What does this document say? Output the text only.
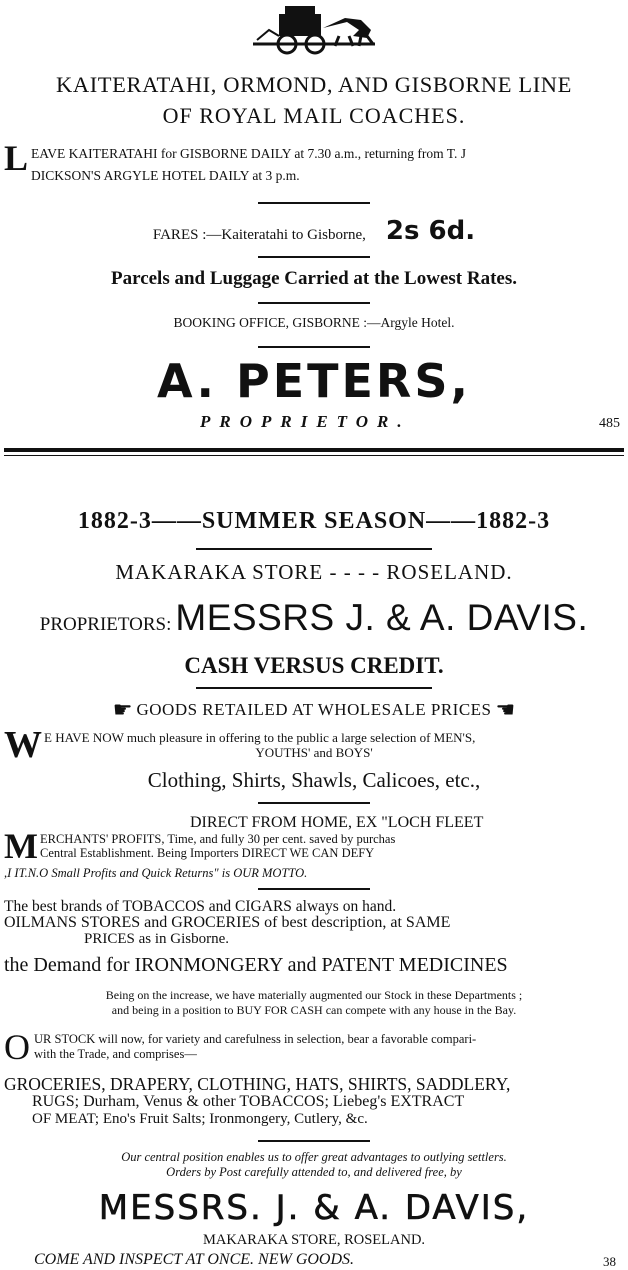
KAITERATAHI, ORMOND, AND GISBORNE LINE
OF ROYAL MAIL COACHES.
L EAVE KAITERATAHI for GISBORNE DAILY at 7.30 a.m., returning from T. J
DICKSON'S ARGYLE HOTEL DAILY at 3 p.m.
FARES :—Kaiteratahi to Gisborne, 2s 6d.
Parcels and Luggage Carried at the Lowest Rates.
BOOKING OFFICE, GISBORNE :—Argyle Hotel.
A. PETERS,
PROPRIETOR.	485
1882-3——SUMMER SEASON——1882-3
MAKARAKA STORE - - - - ROSELAND.
PROPRIETORS: MESSRS J. & A. DAVIS.
CASH VERSUS CREDIT.
☛ GOODS RETAILED AT WHOLESALE PRICES ☚
W E HAVE NOW much pleasure in offering to the public a large selection of MEN'S,
YOUTHS' and BOYS'
Clothing, Shirts, Shawls, Calicoes, etc.,
DIRECT FROM HOME, EX "LOCH FLEET
M ERCHANTS' PROFITS, Time, and fully 30 per cent. saved by purchas
Central Establishment. Being Importers DIRECT WE CAN DEFY
,I IT.N.O Small Profits and Quick Returns" is OUR MOTTO.
The best brands of TOBACCOS and CIGARS always on hand.
OILMANS STORES and GROCERIES of best description, at SAME
PRICES as in Gisborne.
the Demand for IRONMONGERY and PATENT MEDICINES
Being on the increase, we have materially augmented our Stock in these Departments ;
and being in a position to BUY FOR CASH can compete with any house in the Bay.
O UR STOCK will now, for variety and carefulness in selection, bear a favorable compari-
with the Trade, and comprises—
GROCERIES, DRAPERY, CLOTHING, HATS, SHIRTS, SADDLERY,
RUGS; Durham, Venus & other TOBACCOS; Liebeg's EXTRACT
OF MEAT; Eno's Fruit Salts; Ironmongery, Cutlery, &c.
Our central position enables us to offer great advantages to outlying settlers.
Orders by Post carefully attended to, and delivered free, by
MESSRS. J. & A. DAVIS,
MAKARAKA STORE, ROSELAND.
COME AND INSPECT AT ONCE. NEW GOODS.	38
